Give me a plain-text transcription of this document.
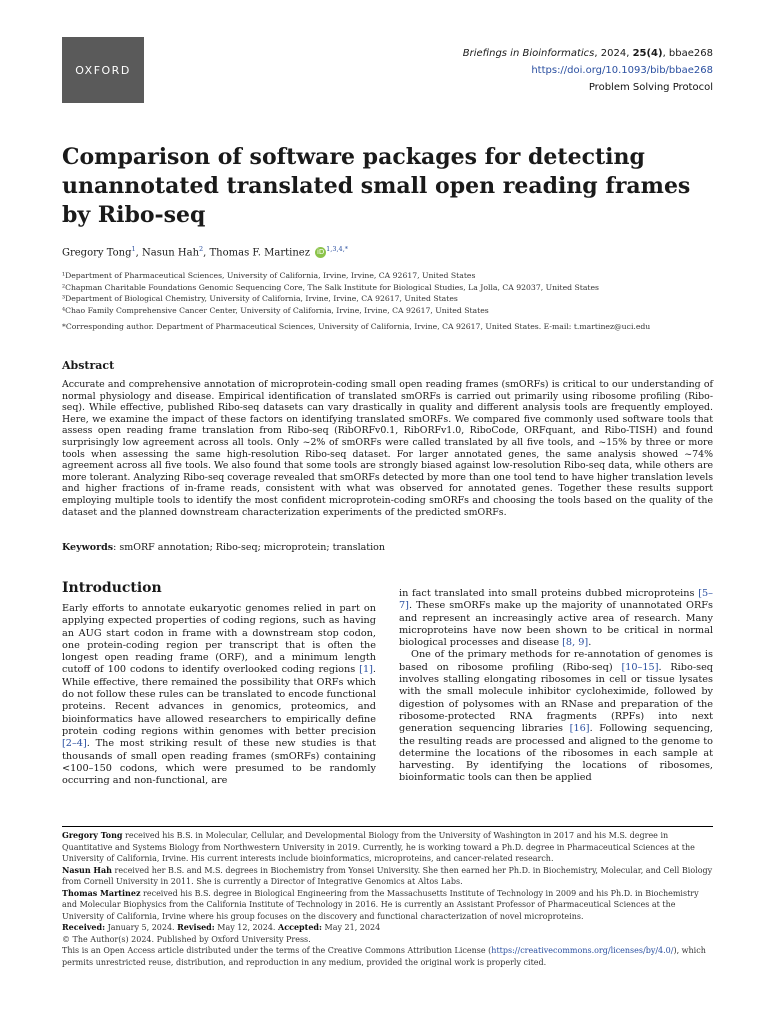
OXFORD
Briefings in Bioinformatics, 2024, 25(4), bbae268
https://doi.org/10.1093/bib/bbae268
Problem Solving Protocol
Comparison of software packages for detecting unannotated translated small open reading frames by Ribo-seq
Gregory Tong$^1$, Nasun Hah$^2$, Thomas F. Martinez iD $^{1,3,4,*}$
¹Department of Pharmaceutical Sciences, University of California, Irvine, Irvine, CA 92617, United States
²Chapman Charitable Foundations Genomic Sequencing Core, The Salk Institute for Biological Studies, La Jolla, CA 92037, United States
³Department of Biological Chemistry, University of California, Irvine, Irvine, CA 92617, United States
⁴Chao Family Comprehensive Cancer Center, University of California, Irvine, Irvine, CA 92617, United States
*Corresponding author. Department of Pharmaceutical Sciences, University of California, Irvine, CA 92617, United States. E-mail: t.martinez@uci.edu
Abstract

Accurate and comprehensive annotation of microprotein-coding small open reading frames (smORFs) is critical to our understanding of normal physiology and disease. Empirical identification of translated smORFs is carried out primarily using ribosome profiling (Ribo-seq). While effective, published Ribo-seq datasets can vary drastically in quality and different analysis tools are frequently employed. Here, we examine the impact of these factors on identifying translated smORFs. We compared five commonly used software tools that assess open reading frame translation from Ribo-seq (RibORFv0.1, RibORFv1.0, RiboCode, ORFquant, and Ribo-TISH) and found surprisingly low agreement across all tools. Only ~2% of smORFs were called translated by all five tools, and ~15% by three or more tools when assessing the same high-resolution Ribo-seq dataset. For larger annotated genes, the same analysis showed ~74% agreement across all five tools. We also found that some tools are strongly biased against low-resolution Ribo-seq data, while others are more tolerant. Analyzing Ribo-seq coverage revealed that smORFs detected by more than one tool tend to have higher translation levels and higher fractions of in-frame reads, consistent with what was observed for annotated genes. Together these results support employing multiple tools to identify the most confident microprotein-coding smORFs and choosing the tools based on the quality of the dataset and the planned downstream characterization experiments of the predicted smORFs.

Keywords: smORF annotation; Ribo-seq; microprotein; translation
Introduction

Early efforts to annotate eukaryotic genomes relied in part on applying expected properties of coding regions, such as having an AUG start codon in frame with a downstream stop codon, one protein-coding region per transcript that is often the longest open reading frame (ORF), and a minimum length cutoff of 100 codons to identify overlooked coding regions [1]. While effective, there remained the possibility that ORFs which do not follow these rules can be translated to encode functional proteins. Recent advances in genomics, proteomics, and bioinformatics have allowed researchers to empirically define protein coding regions within genomes with better precision [2–4]. The most striking result of these new studies is that thousands of small open reading frames (smORFs) containing <100–150 codons, which were presumed to be randomly occurring and non-functional, are

in fact translated into small proteins dubbed microproteins [5–7]. These smORFs make up the majority of unannotated ORFs and represent an increasingly active area of research. Many microproteins have now been shown to be critical in normal biological processes and disease [8, 9].
One of the primary methods for re-annotation of genomes is based on ribosome profiling (Ribo-seq) [10–15]. Ribo-seq involves stalling elongating ribosomes in cell or tissue lysates with the small molecule inhibitor cycloheximide, followed by digestion of polysomes with an RNase and preparation of the ribosome-protected RNA fragments (RPFs) into next generation sequencing libraries [16]. Following sequencing, the resulting reads are processed and aligned to the genome to determine the locations of the ribosomes in each sample at harvesting. By identifying the locations of ribosomes, bioinformatic tools can then be applied

Gregory Tong received his B.S. in Molecular, Cellular, and Developmental Biology from the University of Washington in 2017 and his M.S. degree in Quantitative and Systems Biology from Northwestern University in 2019. Currently, he is working toward a Ph.D. degree in Pharmaceutical Sciences at the University of California, Irvine. His current interests include bioinformatics, microproteins, and cancer-related research.

Nasun Hah received her B.S. and M.S. degrees in Biochemistry from Yonsei University. She then earned her Ph.D. in Biochemistry, Molecular, and Cell Biology from Cornell University in 2011. She is currently a Director of Integrative Genomics at Altos Labs.

Thomas Martinez received his B.S. degree in Biological Engineering from the Massachusetts Institute of Technology in 2009 and his Ph.D. in Biochemistry and Molecular Biophysics from the California Institute of Technology in 2016. He is currently an Assistant Professor of Pharmaceutical Sciences at the University of California, Irvine where his group focuses on the discovery and functional characterization of novel microproteins.

Received: January 5, 2024. Revised: May 12, 2024. Accepted: May 21, 2024

© The Author(s) 2024. Published by Oxford University Press.

This is an Open Access article distributed under the terms of the Creative Commons Attribution License (https://creativecommons.org/licenses/by/4.0/), which permits unrestricted reuse, distribution, and reproduction in any medium, provided the original work is properly cited.
